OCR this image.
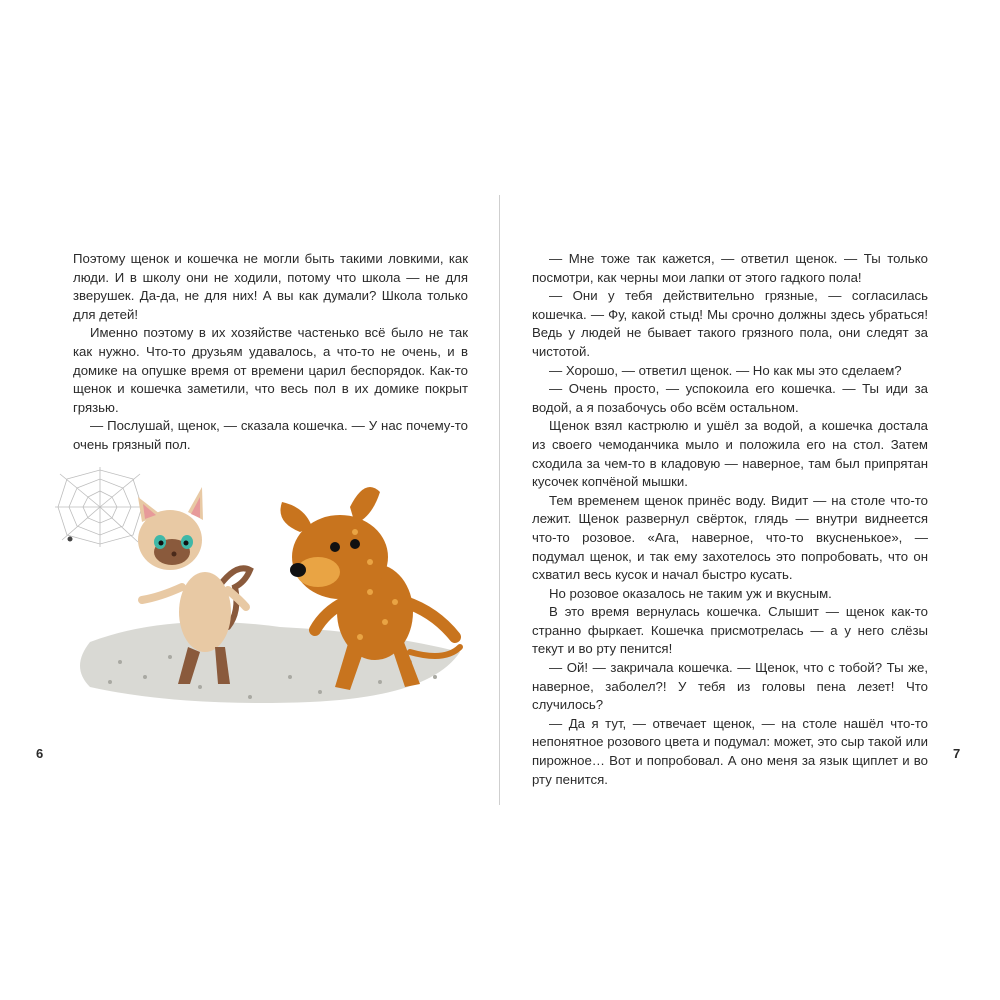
Поэтому щенок и кошечка не могли быть такими ловкими, как люди. И в школу они не ходили, потому что школа — не для зверушек. Да-да, не для них! А вы как думали? Школа только для детей!

Именно поэтому в их хозяйстве частенько всё было не так как нужно. Что-то друзьям удавалось, а что-то не очень, и в домике на опушке время от времени царил беспорядок. Как-то щенок и кошечка заметили, что весь пол в их домике покрыт грязью.

— Послушай, щенок, — сказала кошечка. — У нас почему-то очень грязный пол.

6

— Мне тоже так кажется, — ответил щенок. — Ты только посмотри, как черны мои лапки от этого гадкого пола!

— Они у тебя действительно грязные, — согласилась кошечка. — Фу, какой стыд! Мы срочно должны здесь убраться! Ведь у людей не бывает такого грязного пола, они следят за чистотой.

— Хорошо, — ответил щенок. — Но как мы это сделаем?

— Очень просто, — успокоила его кошечка. — Ты иди за водой, а я позабочусь обо всём остальном.

Щенок взял кастрюлю и ушёл за водой, а кошечка достала из своего чемоданчика мыло и положила его на стол. Затем сходила за чем-то в кладовую — наверное, там был припрятан кусочек копчёной мышки.

Тем временем щенок принёс воду. Видит — на столе что-то лежит. Щенок развернул свёрток, глядь — внутри виднеется что-то розовое. «Ага, наверное, что-то вкусненькое», — подумал щенок, и так ему захотелось это попробовать, что он схватил весь кусок и начал быстро кусать.

Но розовое оказалось не таким уж и вкусным.

В это время вернулась кошечка. Слышит — щенок как-то странно фыркает. Кошечка присмотрелась — а у него слёзы текут и во рту пенится!

— Ой! — закричала кошечка. — Щенок, что с тобой? Ты же, наверное, заболел?! У тебя из головы пена лезет! Что случилось?

— Да я тут, — отвечает щенок, — на столе нашёл что-то непонятное розового цвета и подумал: может, это сыр такой или пирожное… Вот и попробовал. А оно меня за язык щиплет и во рту пенится.

7
